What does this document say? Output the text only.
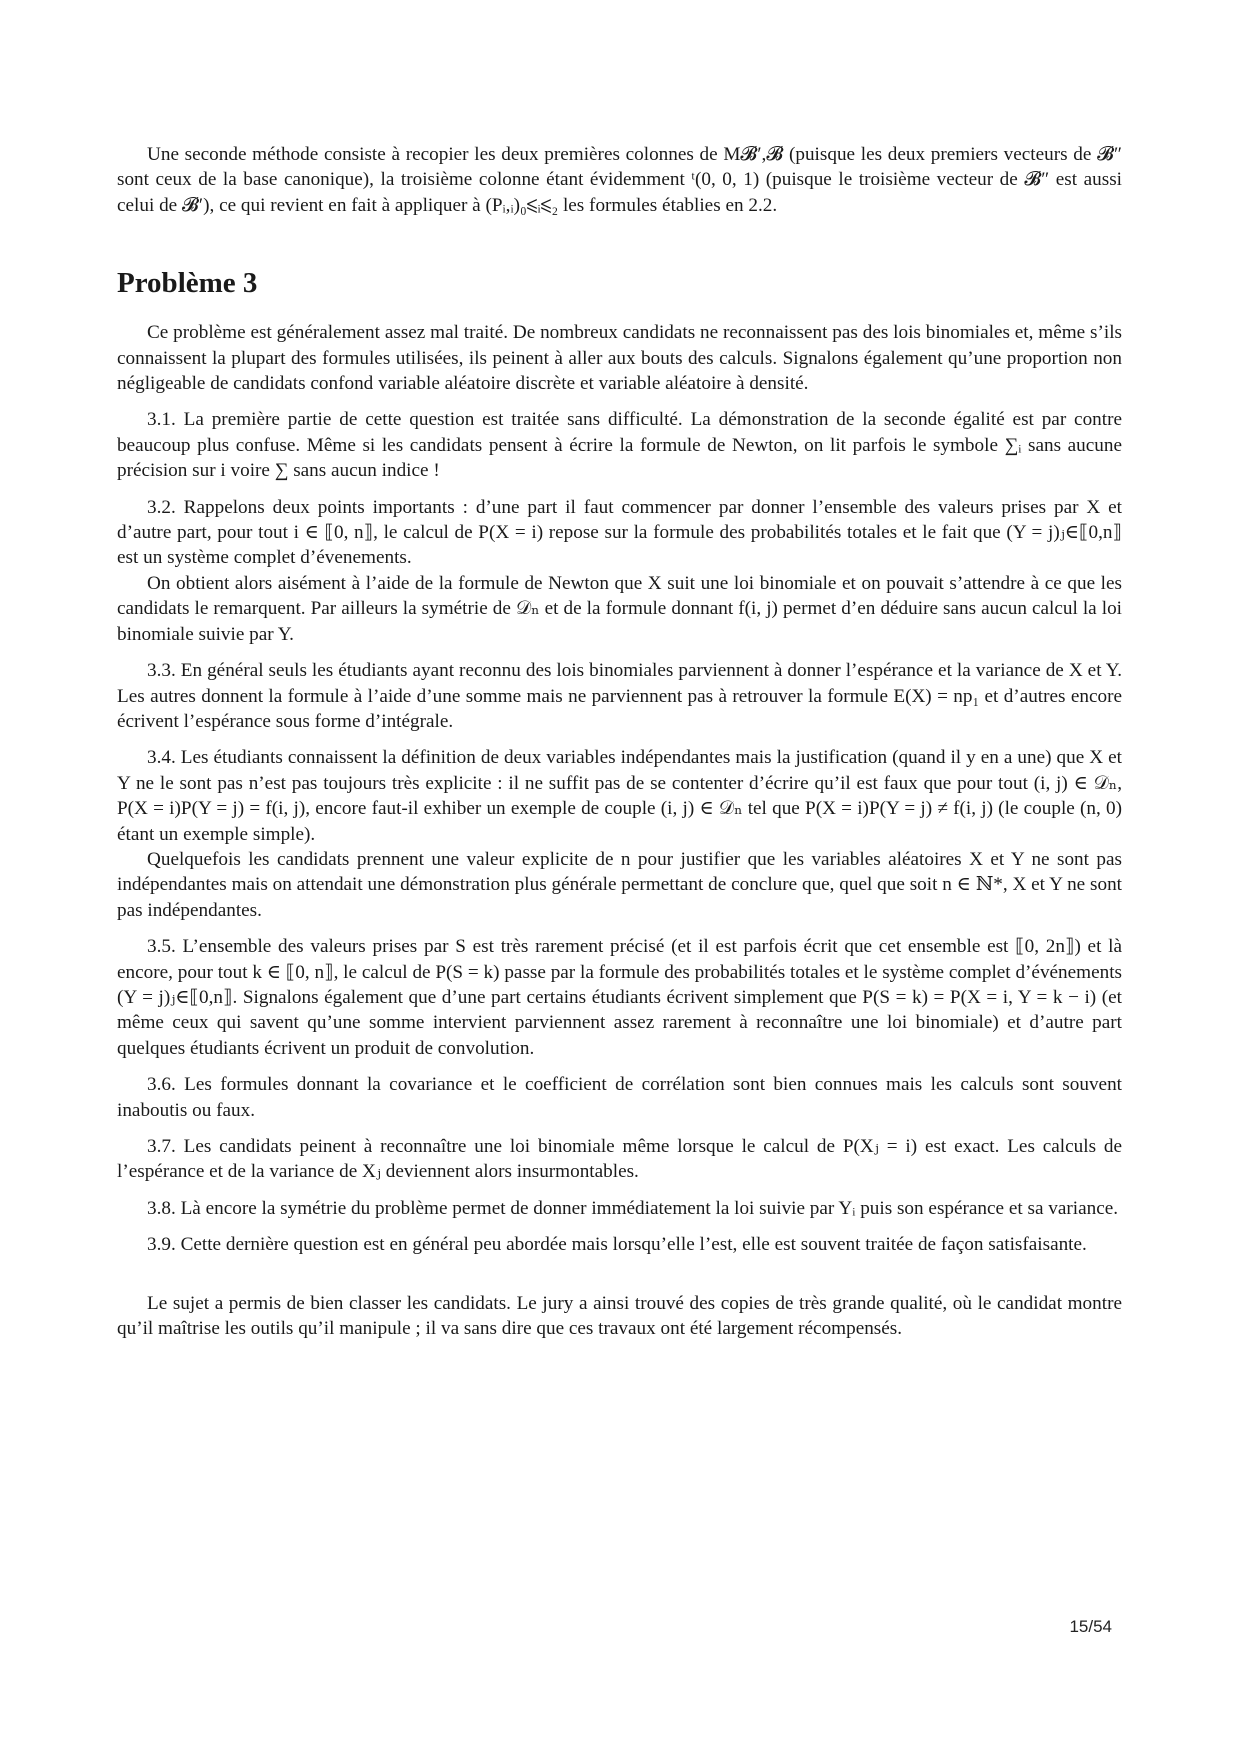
Une seconde méthode consiste à recopier les deux premières colonnes de M𝓑′,𝓑 (puisque les deux premiers vecteurs de 𝓑″ sont ceux de la base canonique), la troisième colonne étant évidemment ᵗ(0, 0, 1) (puisque le troisième vecteur de 𝓑″ est aussi celui de 𝓑′), ce qui revient en fait à appliquer à (Pᵢ,ᵢ)₀⩽ᵢ⩽₂ les formules établies en 2.2.

Problème 3

Ce problème est généralement assez mal traité. De nombreux candidats ne reconnaissent pas des lois binomiales et, même s’ils connaissent la plupart des formules utilisées, ils peinent à aller aux bouts des calculs. Signalons également qu’une proportion non négligeable de candidats confond variable aléatoire discrète et variable aléatoire à densité.

3.1. La première partie de cette question est traitée sans difficulté. La démonstration de la seconde égalité est par contre beaucoup plus confuse. Même si les candidats pensent à écrire la formule de Newton, on lit parfois le symbole ∑ᵢ sans aucune précision sur i voire ∑ sans aucun indice !

3.2. Rappelons deux points importants : d’une part il faut commencer par donner l’ensemble des valeurs prises par X et d’autre part, pour tout i ∈ ⟦0, n⟧, le calcul de P(X = i) repose sur la formule des probabilités totales et le fait que (Y = j)ⱼ∈⟦0,n⟧ est un système complet d’évenements.

On obtient alors aisément à l’aide de la formule de Newton que X suit une loi binomiale et on pouvait s’attendre à ce que les candidats le remarquent. Par ailleurs la symétrie de 𝒟ₙ et de la formule donnant f(i, j) permet d’en déduire sans aucun calcul la loi binomiale suivie par Y.

3.3. En général seuls les étudiants ayant reconnu des lois binomiales parviennent à donner l’espérance et la variance de X et Y. Les autres donnent la formule à l’aide d’une somme mais ne parviennent pas à retrouver la formule E(X) = np₁ et d’autres encore écrivent l’espérance sous forme d’intégrale.

3.4. Les étudiants connaissent la définition de deux variables indépendantes mais la justification (quand il y en a une) que X et Y ne le sont pas n’est pas toujours très explicite : il ne suffit pas de se contenter d’écrire qu’il est faux que pour tout (i, j) ∈ 𝒟ₙ, P(X = i)P(Y = j) = f(i, j), encore faut-il exhiber un exemple de couple (i, j) ∈ 𝒟ₙ tel que P(X = i)P(Y = j) ≠ f(i, j) (le couple (n, 0) étant un exemple simple).

Quelquefois les candidats prennent une valeur explicite de n pour justifier que les variables aléatoires X et Y ne sont pas indépendantes mais on attendait une démonstration plus générale permettant de conclure que, quel que soit n ∈ ℕ*, X et Y ne sont pas indépendantes.

3.5. L’ensemble des valeurs prises par S est très rarement précisé (et il est parfois écrit que cet ensemble est ⟦0, 2n⟧) et là encore, pour tout k ∈ ⟦0, n⟧, le calcul de P(S = k) passe par la formule des probabilités totales et le système complet d’événements (Y = j)ⱼ∈⟦0,n⟧. Signalons également que d’une part certains étudiants écrivent simplement que P(S = k) = P(X = i, Y = k − i) (et même ceux qui savent qu’une somme intervient parviennent assez rarement à reconnaître une loi binomiale) et d’autre part quelques étudiants écrivent un produit de convolution.

3.6. Les formules donnant la covariance et le coefficient de corrélation sont bien connues mais les calculs sont souvent inaboutis ou faux.

3.7. Les candidats peinent à reconnaître une loi binomiale même lorsque le calcul de P(Xⱼ = i) est exact. Les calculs de l’espérance et de la variance de Xⱼ deviennent alors insurmontables.

3.8. Là encore la symétrie du problème permet de donner immédiatement la loi suivie par Yᵢ puis son espérance et sa variance.

3.9. Cette dernière question est en général peu abordée mais lorsqu’elle l’est, elle est souvent traitée de façon satisfaisante.

Le sujet a permis de bien classer les candidats. Le jury a ainsi trouvé des copies de très grande qualité, où le candidat montre qu’il maîtrise les outils qu’il manipule ; il va sans dire que ces travaux ont été largement récompensés.

15/54
